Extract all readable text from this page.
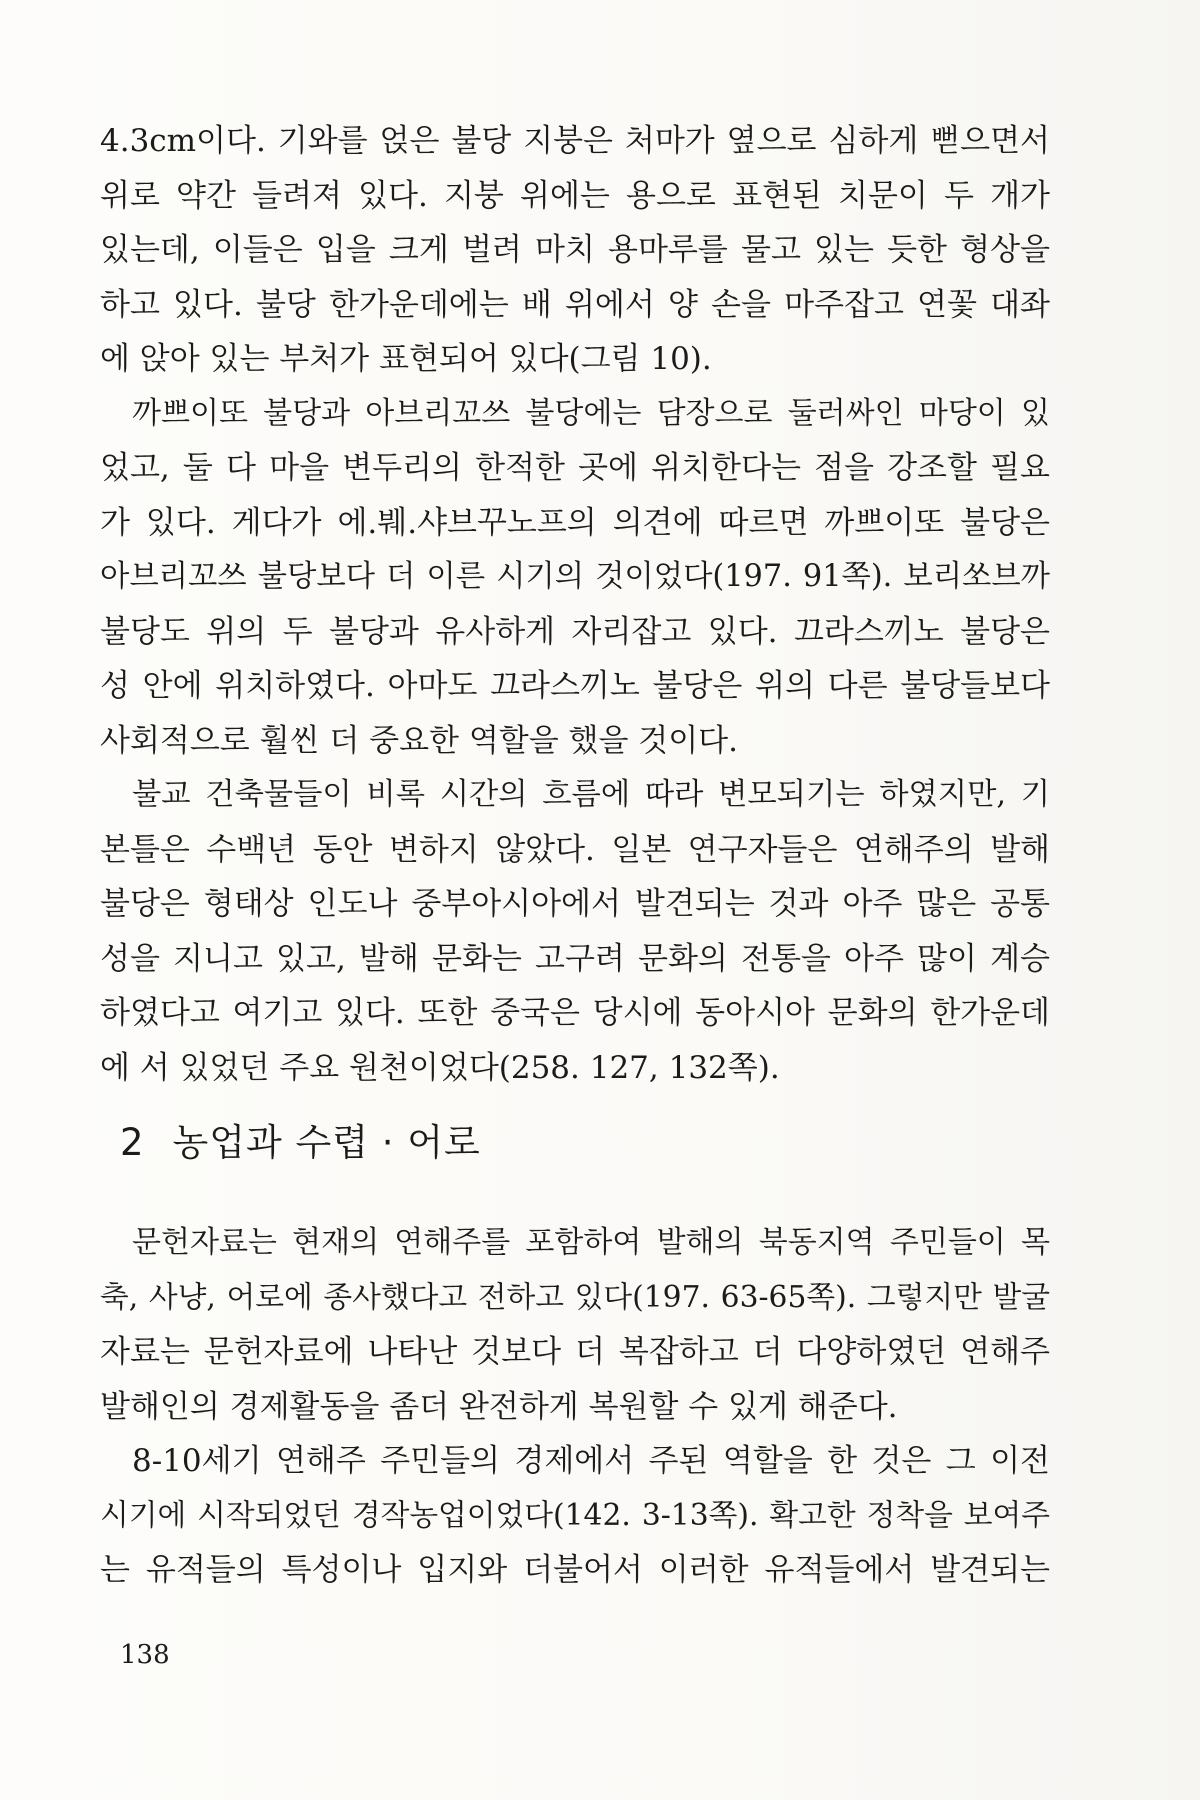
4.3cm이다. 기와를 얹은 불당 지붕은 처마가 옆으로 심하게 뻗으면서
위로 약간 들려져 있다. 지붕 위에는 용으로 표현된 치문이 두 개가
있는데, 이들은 입을 크게 벌려 마치 용마루를 물고 있는 듯한 형상을
하고 있다. 불당 한가운데에는 배 위에서 양 손을 마주잡고 연꽃 대좌
에 앉아 있는 부처가 표현되어 있다(그림 10).
까쁘이또 불당과 아브리꼬쓰 불당에는 담장으로 둘러싸인 마당이 있
었고, 둘 다 마을 변두리의 한적한 곳에 위치한다는 점을 강조할 필요
가 있다. 게다가 에.붸.샤브꾸노프의 의견에 따르면 까쁘이또 불당은
아브리꼬쓰 불당보다 더 이른 시기의 것이었다(197. 91쪽). 보리쏘브까
불당도 위의 두 불당과 유사하게 자리잡고 있다. 끄라스끼노 불당은
성 안에 위치하였다. 아마도 끄라스끼노 불당은 위의 다른 불당들보다
사회적으로 훨씬 더 중요한 역할을 했을 것이다.
불교 건축물들이 비록 시간의 흐름에 따라 변모되기는 하였지만, 기
본틀은 수백년 동안 변하지 않았다. 일본 연구자들은 연해주의 발해
불당은 형태상 인도나 중부아시아에서 발견되는 것과 아주 많은 공통
성을 지니고 있고, 발해 문화는 고구려 문화의 전통을 아주 많이 계승
하였다고 여기고 있다. 또한 중국은 당시에 동아시아 문화의 한가운데
에 서 있었던 주요 원천이었다(258. 127, 132쪽).
2 농업과 수렵 · 어로
문헌자료는 현재의 연해주를 포함하여 발해의 북동지역 주민들이 목
축, 사냥, 어로에 종사했다고 전하고 있다(197. 63-65쪽). 그렇지만 발굴
자료는 문헌자료에 나타난 것보다 더 복잡하고 더 다양하였던 연해주
발해인의 경제활동을 좀더 완전하게 복원할 수 있게 해준다.
8-10세기 연해주 주민들의 경제에서 주된 역할을 한 것은 그 이전
시기에 시작되었던 경작농업이었다(142. 3-13쪽). 확고한 정착을 보여주
는 유적들의 특성이나 입지와 더불어서 이러한 유적들에서 발견되는
138
